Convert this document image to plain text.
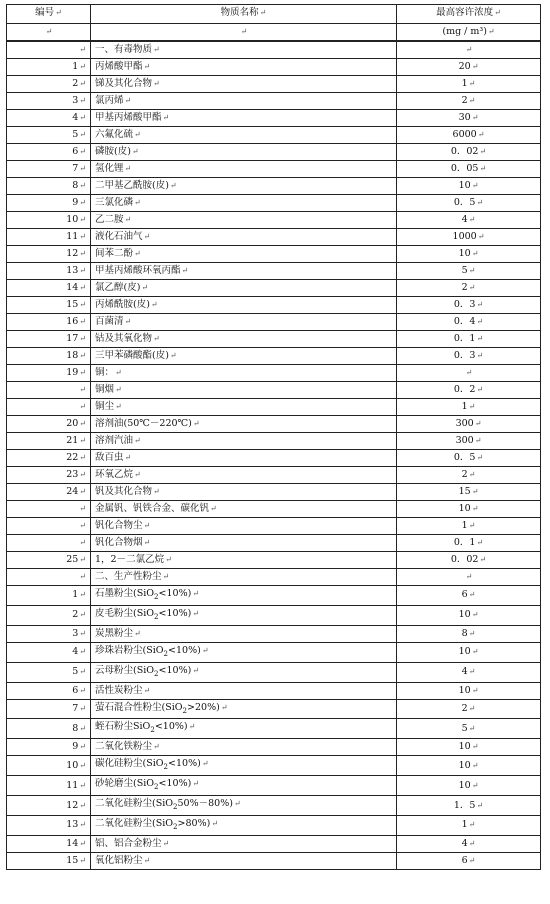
编号↵	物质名称↵	最高容许浓度↵
↵	↵	(mg / m³)↵
↵	一、有毒物质↵	↵
1↵	丙烯酸甲酯↵	20↵
2↵	锑及其化合物↵	1↵
3↵	氯丙烯↵	2↵
4↵	甲基丙烯酸甲酯↵	30↵
5↵	六氟化硫↵	6000↵
6↵	磷胺(皮)↵	0．02↵
7↵	氢化锂↵	0．05↵
8↵	二甲基乙酰胺(皮)↵	10↵
9↵	三氯化磷↵	0．5↵
10↵	乙二胺↵	4↵
11↵	液化石油气↵	1000↵
12↵	间苯二酚↵	10↵
13↵	甲基丙烯酸环氧丙酯↵	5↵
14↵	氯乙醇(皮)↵	2↵
15↵	丙烯酰胺(皮)↵	0．3↵
16↵	百菌清↵	0．4↵
17↵	钴及其氧化物↵	0．1↵
18↵	三甲苯磷酸酯(皮)↵	0．3↵
19↵	铜：↵	↵
↵	铜烟↵	0．2↵
↵	铜尘↵	1↵
20↵	溶剂油(50℃－220℃)↵	300↵
21↵	溶剂汽油↵	300↵
22↵	敌百虫↵	0．5↵
23↵	环氧乙烷↵	2↵
24↵	钒及其化合物↵	15↵
↵	金属钒、钒铁合金、碳化钒↵	10↵
↵	钒化合物尘↵	1↵
↵	钒化合物烟↵	0．1↵
25↵	1，2－二氯乙烷↵	0．02↵
↵	二、生产性粉尘↵	↵
1↵	石墨粉尘(SiO$_2$<10%)↵	6↵
2↵	皮毛粉尘(SiO$_2$<10%)↵	10↵
3↵	炭黑粉尘↵	8↵
4↵	珍珠岩粉尘(SiO$_2$<10%)↵	10↵
5↵	云母粉尘(SiO$_2$<10%)↵	4↵
6↵	活性炭粉尘↵	10↵
7↵	萤石混合性粉尘(SiO$_2$>20%)↵	2↵
8↵	蛭石粉尘SiO$_2$<10%)↵	5↵
9↵	二氧化铁粉尘↵	10↵
10↵	碳化硅粉尘(SiO$_2$<10%)↵	10↵
11↵	砂轮磨尘(SiO$_2$<10%)↵	10↵
12↵	二氧化硅粉尘(SiO$_2$50%－80%)↵	1．5↵
13↵	二氧化硅粉尘(SiO$_2$>80%)↵	1↵
14↵	铝、铝合金粉尘↵	4↵
15↵	氧化铝粉尘↵	6↵
